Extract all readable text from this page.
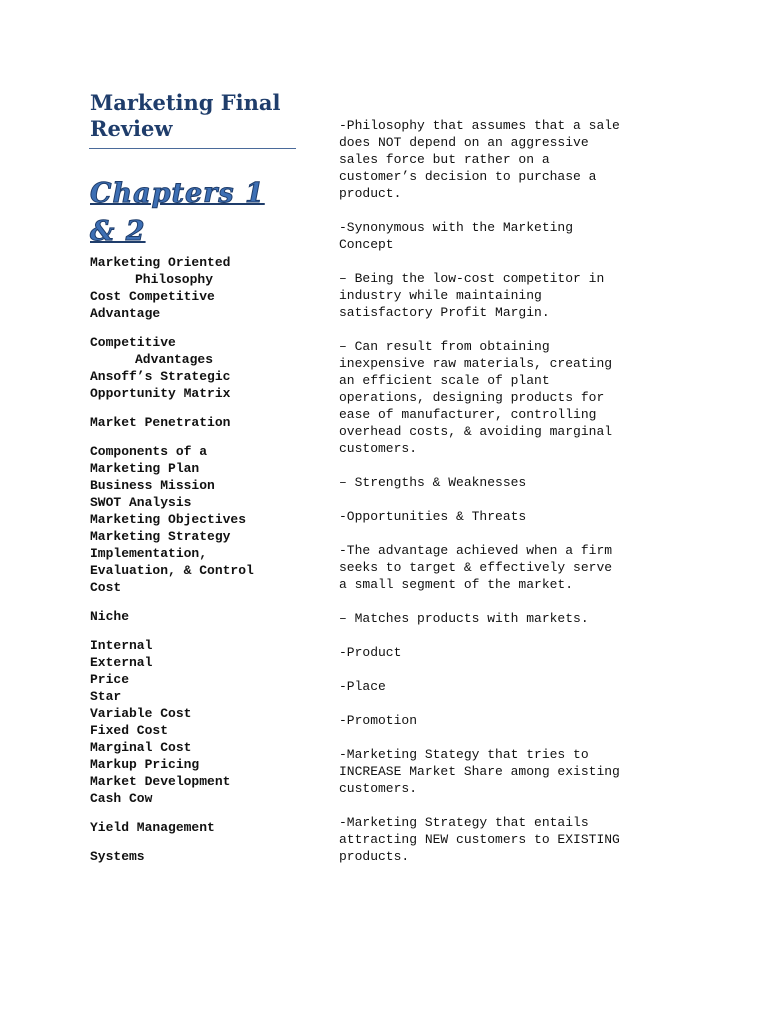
Marketing Final
Review
Chapters 1
& 2
Marketing Oriented
Philosophy
Cost Competitive
Advantage
Competitive
Advantages
Ansoff’s Strategic
Opportunity Matrix
Market Penetration
Components of a
Marketing Plan
Business Mission
SWOT Analysis
Marketing Objectives
Marketing Strategy
Implementation,
Evaluation, & Control
Cost
Niche
Internal
External
Price
Star
Variable Cost
Fixed Cost
Marginal Cost
Markup Pricing
Market Development
Cash Cow
Yield Management
Systems
-Philosophy that assumes that a sale
does NOT depend on an aggressive
sales force but rather on a
customer’s decision to purchase a
product.
-Synonymous with the Marketing
Concept
– Being the low-cost competitor in
industry while maintaining
satisfactory Profit Margin.
– Can result from obtaining
inexpensive raw materials, creating
an efficient scale of plant
operations, designing products for
ease of manufacturer, controlling
overhead costs, & avoiding marginal
customers.
– Strengths & Weaknesses
-Opportunities & Threats
-The advantage achieved when a firm
seeks to target & effectively serve
a small segment of the market.
– Matches products with markets.
-Product
-Place
-Promotion
-Marketing Stategy that tries to
INCREASE Market Share among existing
customers.
-Marketing Strategy that entails
attracting NEW customers to EXISTING
products.
